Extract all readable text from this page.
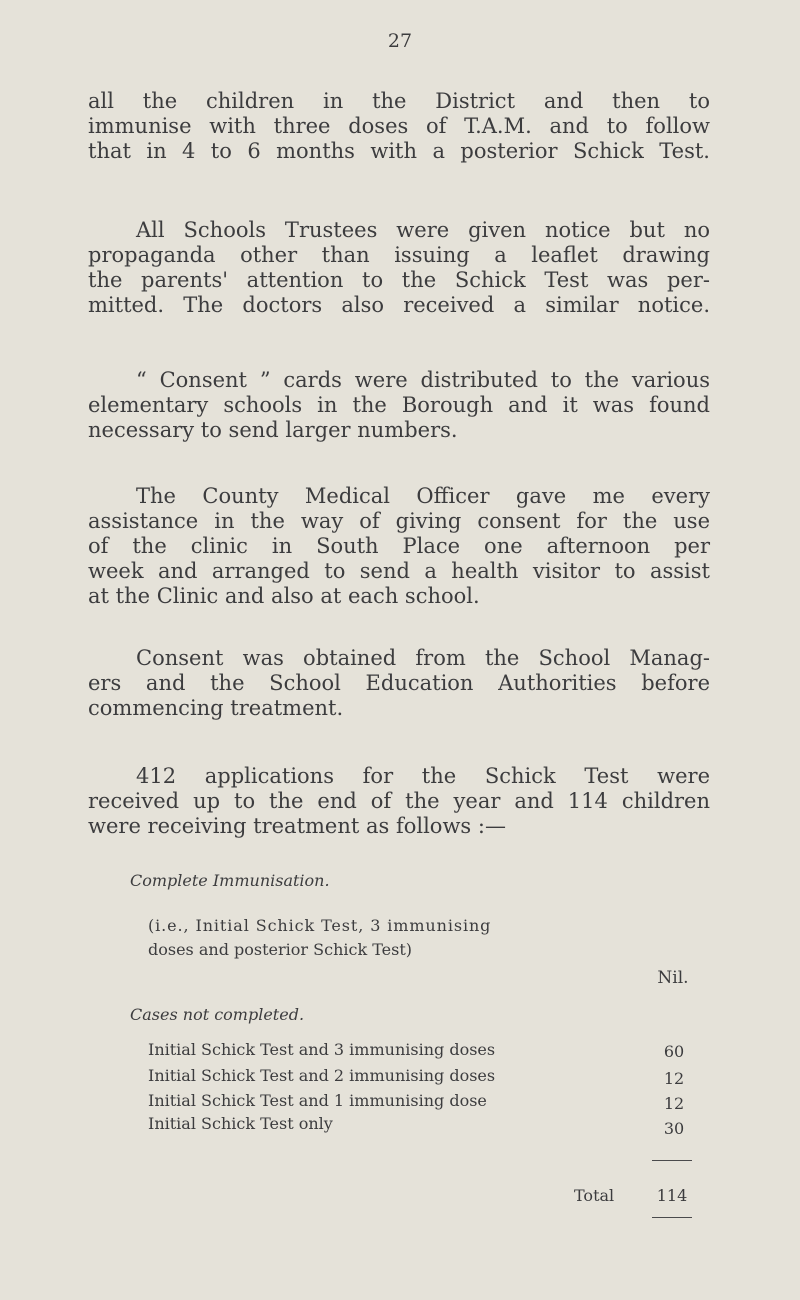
27
all the children in the District and then to
immunise with three doses of T.A.M. and to follow
that in 4 to 6 months with a posterior Schick Test.
All Schools Trustees were given notice but no
propaganda other than issuing a leaflet drawing
the parents' attention to the Schick Test was per-
mitted. The doctors also received a similar notice.
“ Consent ” cards were distributed to the various
elementary schools in the Borough and it was found
necessary to send larger numbers.
The County Medical Officer gave me every
assistance in the way of giving consent for the use
of the clinic in South Place one afternoon per
week and arranged to send a health visitor to assist
at the Clinic and also at each school.
Consent was obtained from the School Manag-
ers and the School Education Authorities before
commencing treatment.
412 applications for the Schick Test were
received up to the end of the year and 114 children
were receiving treatment as follows :—
Complete Immunisation.
(i.e., Initial Schick Test, 3 immunising
doses and posterior Schick Test)
Nil.
Cases not completed.
Initial Schick Test and 3 immunising doses	60
Initial Schick Test and 2 immunising doses	12
Initial Schick Test and 1 immunising dose	12
Initial Schick Test only	30
Total	114
